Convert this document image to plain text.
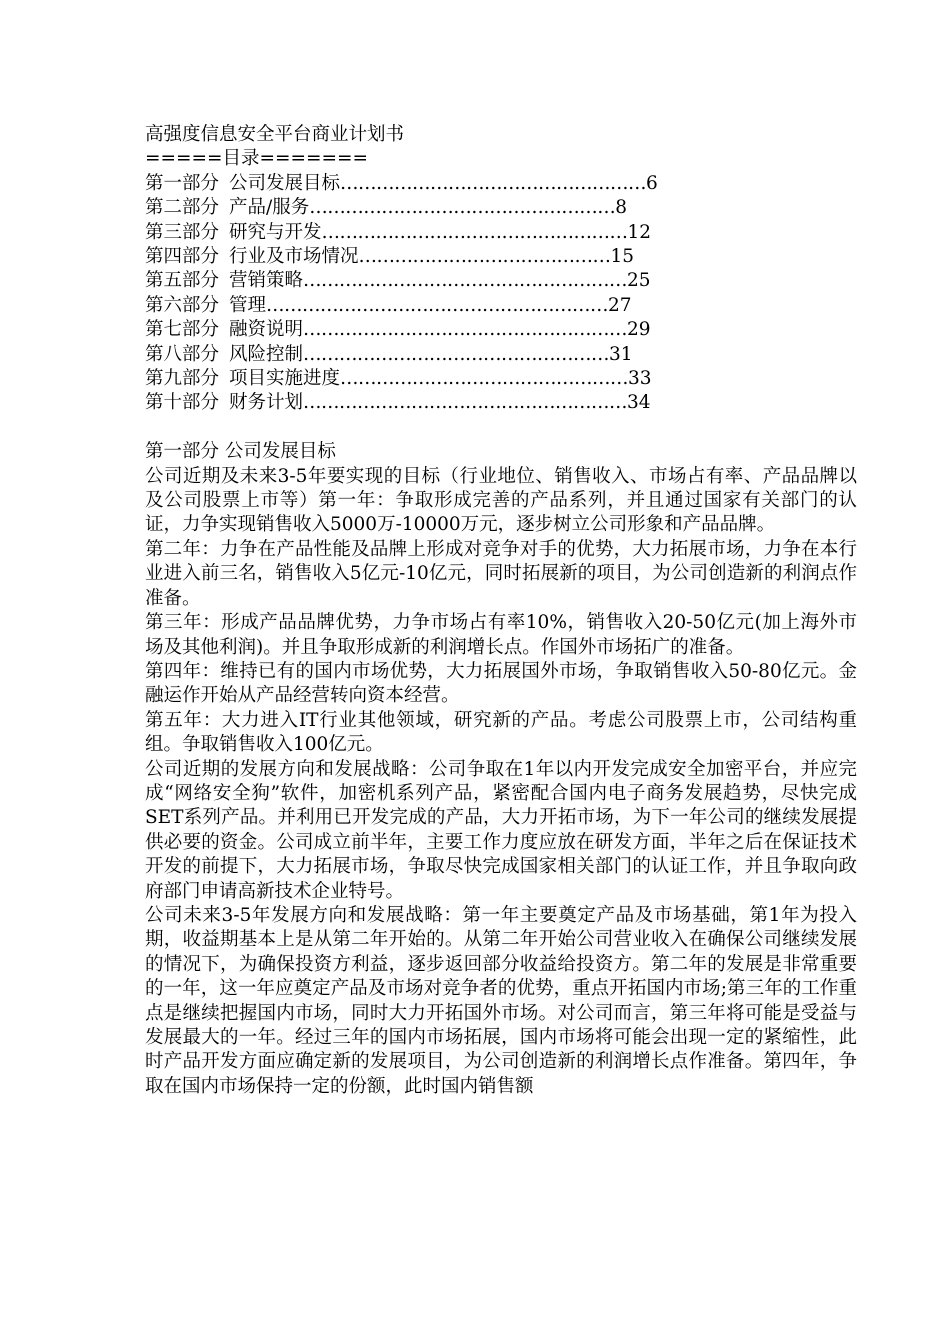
高强度信息安全平台商业计划书

=====目录=======

第一部分 公司发展目标 …………………………………………… 6
第二部分 产品/服务 …………………………………………… 8
第三部分 研究与开发 …………………………………………… 12
第四部分 行业及市场情况 …………………………………… 15
第五部分 营销策略 ……………………………………………… 25
第六部分 管理 ………………………………………………… 27
第七部分 融资说明 ……………………………………………… 29
第八部分 风险控制 …………………………………………… 31
第九部分 项目实施进度 ………………………………………… 33
第十部分 财务计划 ……………………………………………… 34

第一部分 公司发展目标

公司近期及未来3-5年要实现的目标（行业地位、销售收入、市场占有率、产品品牌以及公司股票上市等）第一年：争取形成完善的产品系列，并且通过国家有关部门的认证，力争实现销售收入5000万-10000万元，逐步树立公司形象和产品品牌。

第二年：力争在产品性能及品牌上形成对竞争对手的优势，大力拓展市场，力争在本行业进入前三名，销售收入5亿元-10亿元，同时拓展新的项目，为公司创造新的利润点作准备。

第三年：形成产品品牌优势，力争市场占有率10%，销售收入20-50亿元(加上海外市场及其他利润)。并且争取形成新的利润增长点。作国外市场拓广的准备。

第四年：维持已有的国内市场优势，大力拓展国外市场，争取销售收入50-80亿元。金融运作开始从产品经营转向资本经营。

第五年：大力进入IT行业其他领域，研究新的产品。考虑公司股票上市，公司结构重组。争取销售收入100亿元。

公司近期的发展方向和发展战略：公司争取在1年以内开发完成安全加密平台，并应完成“网络安全狗”软件，加密机系列产品，紧密配合国内电子商务发展趋势，尽快完成SET系列产品。并利用已开发完成的产品，大力开拓市场，为下一年公司的继续发展提供必要的资金。公司成立前半年，主要工作力度应放在研发方面，半年之后在保证技术开发的前提下，大力拓展市场，争取尽快完成国家相关部门的认证工作，并且争取向政府部门申请高新技术企业特号。

公司未来3-5年发展方向和发展战略：第一年主要奠定产品及市场基础，第1年为投入期，收益期基本上是从第二年开始的。从第二年开始公司营业收入在确保公司继续发展的情况下，为确保投资方利益，逐步返回部分收益给投资方。第二年的发展是非常重要的一年，这一年应奠定产品及市场对竞争者的优势，重点开拓国内市场;第三年的工作重点是继续把握国内市场，同时大力开拓国外市场。对公司而言，第三年将可能是受益与发展最大的一年。经过三年的国内市场拓展，国内市场将可能会出现一定的紧缩性，此时产品开发方面应确定新的发展项目，为公司创造新的利润增长点作准备。第四年，争取在国内市场保持一定的份额，此时国内销售额
